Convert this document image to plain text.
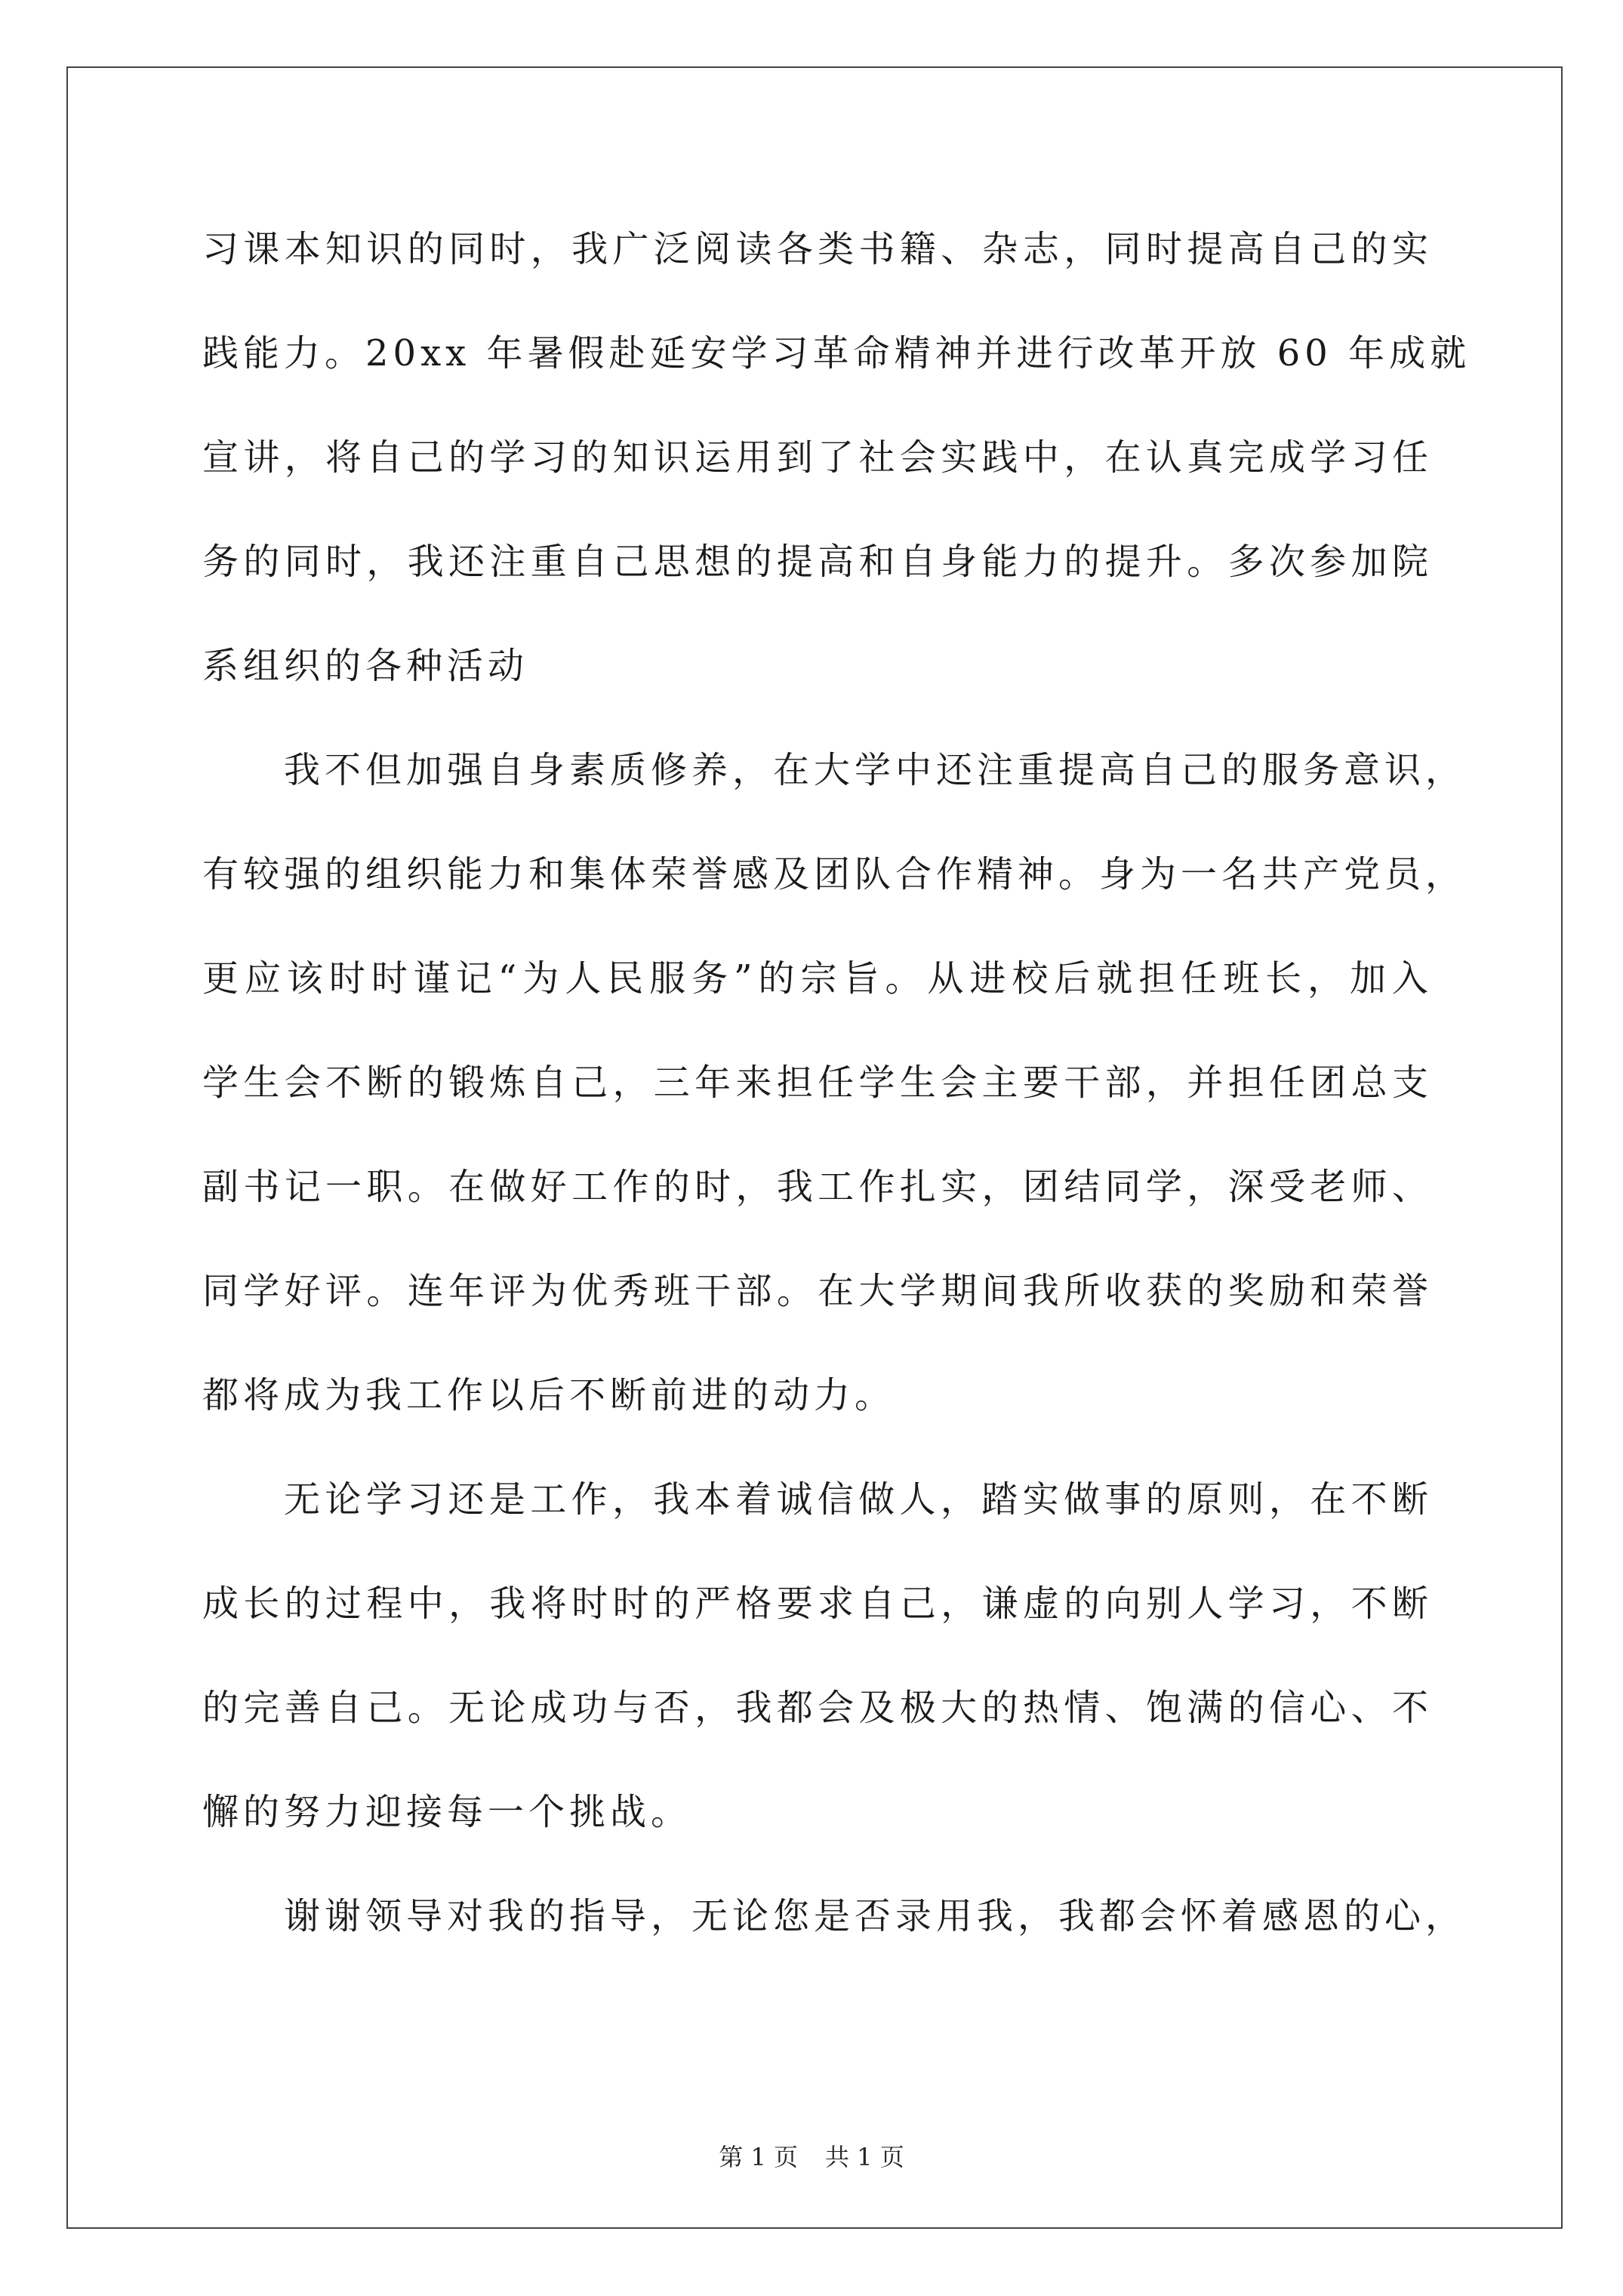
习课本知识的同时，我广泛阅读各类书籍、杂志，同时提高自己的实
践能力。20xx 年暑假赴延安学习革命精神并进行改革开放 60 年成就
宣讲，将自己的学习的知识运用到了社会实践中，在认真完成学习任
务的同时，我还注重自己思想的提高和自身能力的提升。多次参加院
系组织的各种活动
我不但加强自身素质修养，在大学中还注重提高自己的服务意识，
有较强的组织能力和集体荣誉感及团队合作精神。身为一名共产党员，
更应该时时谨记“为人民服务”的宗旨。从进校后就担任班长，加入
学生会不断的锻炼自己，三年来担任学生会主要干部，并担任团总支
副书记一职。在做好工作的时，我工作扎实，团结同学，深受老师、
同学好评。连年评为优秀班干部。在大学期间我所收获的奖励和荣誉
都将成为我工作以后不断前进的动力。
无论学习还是工作，我本着诚信做人，踏实做事的原则，在不断
成长的过程中，我将时时的严格要求自己，谦虚的向别人学习，不断
的完善自己。无论成功与否，我都会及极大的热情、饱满的信心、不
懈的努力迎接每一个挑战。
谢谢领导对我的指导，无论您是否录用我，我都会怀着感恩的心，
第 1 页 共 1 页
